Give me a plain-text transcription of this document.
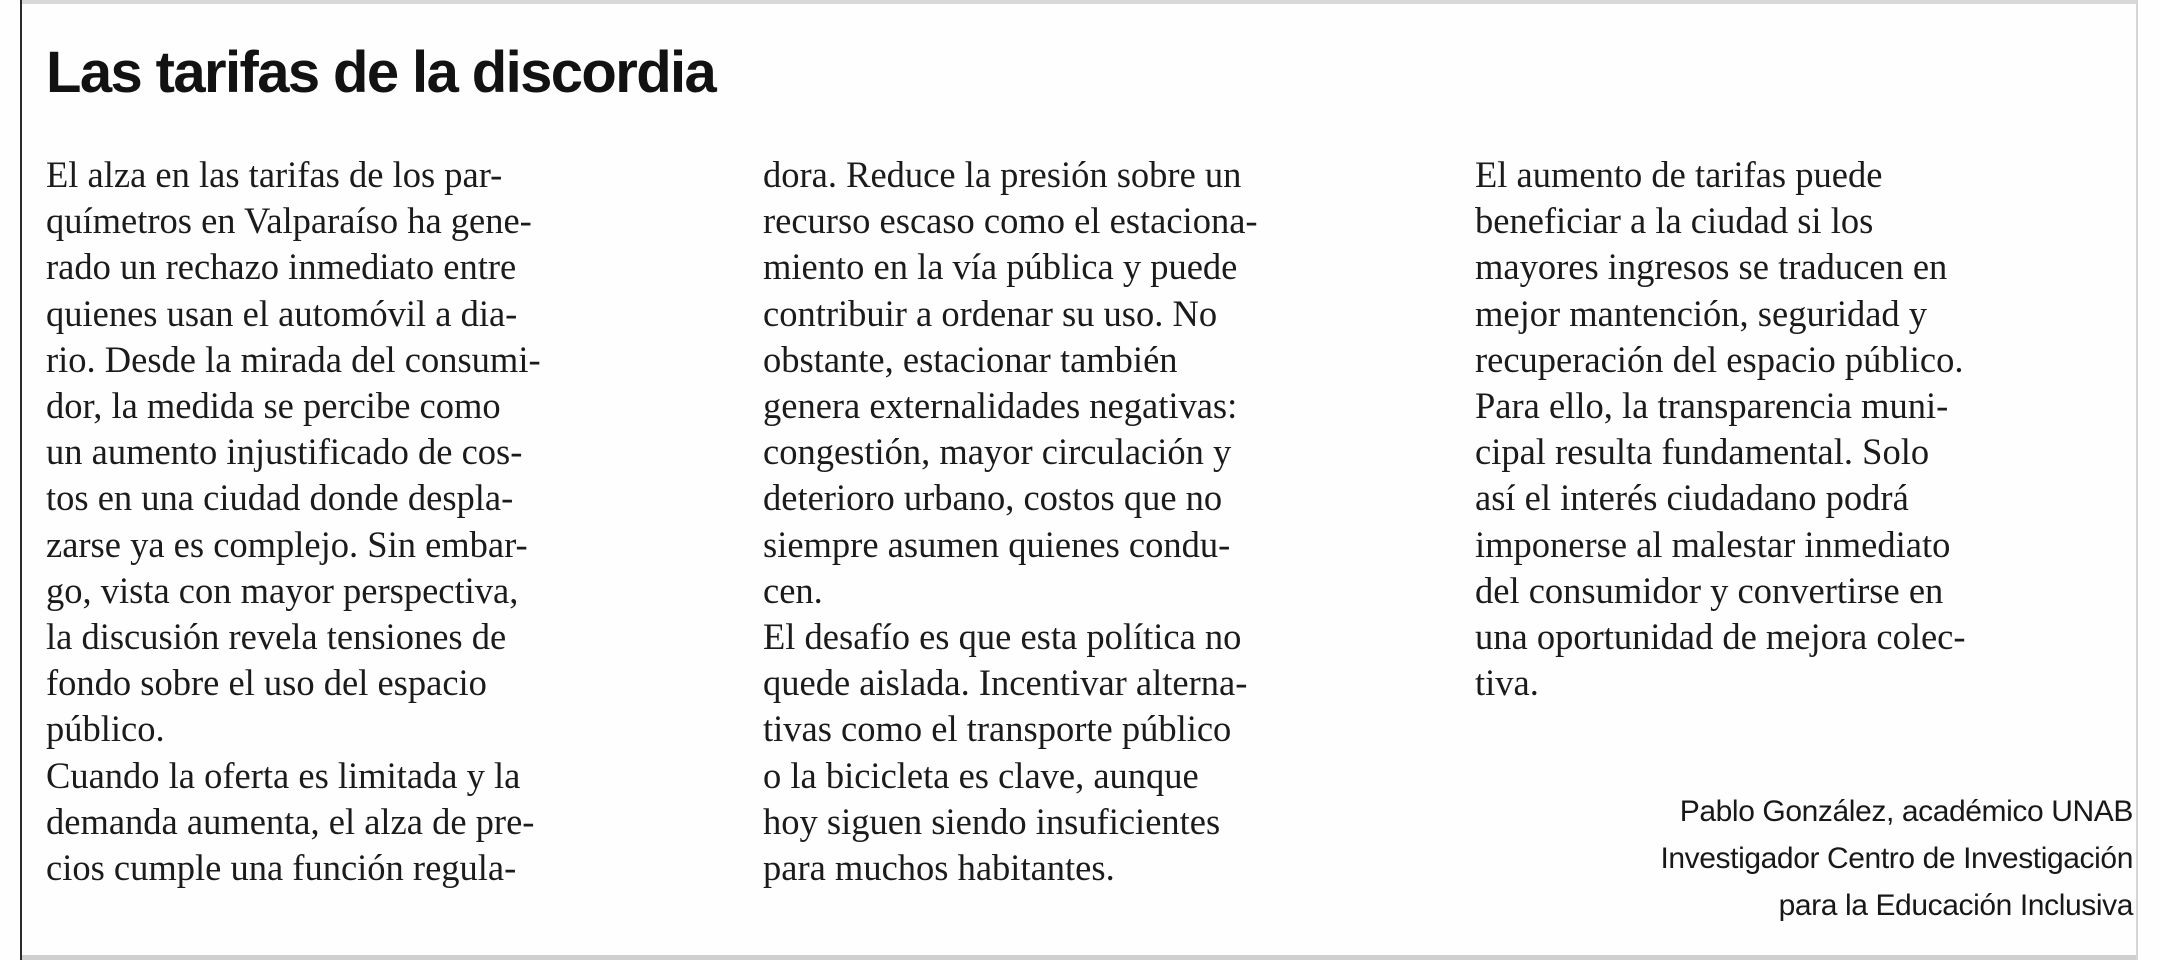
Las tarifas de la discordia

El alza en las tarifas de los par-
químetros en Valparaíso ha gene-
rado un rechazo inmediato entre
quienes usan el automóvil a dia-
rio. Desde la mirada del consumi-
dor, la medida se percibe como
un aumento injustificado de cos-
tos en una ciudad donde despla-
zarse ya es complejo. Sin embar-
go, vista con mayor perspectiva,
la discusión revela tensiones de
fondo sobre el uso del espacio
público.
Cuando la oferta es limitada y la
demanda aumenta, el alza de pre-
cios cumple una función regula-

dora. Reduce la presión sobre un
recurso escaso como el estaciona-
miento en la vía pública y puede
contribuir a ordenar su uso. No
obstante, estacionar también
genera externalidades negativas:
congestión, mayor circulación y
deterioro urbano, costos que no
siempre asumen quienes condu-
cen.
El desafío es que esta política no
quede aislada. Incentivar alterna-
tivas como el transporte público
o la bicicleta es clave, aunque
hoy siguen siendo insuficientes
para muchos habitantes.

El aumento de tarifas puede
beneficiar a la ciudad si los
mayores ingresos se traducen en
mejor mantención, seguridad y
recuperación del espacio público.
Para ello, la transparencia muni-
cipal resulta fundamental. Solo
así el interés ciudadano podrá
imponerse al malestar inmediato
del consumidor y convertirse en
una oportunidad de mejora colec-
tiva.

Pablo González, académico UNAB
Investigador Centro de Investigación
para la Educación Inclusiva
